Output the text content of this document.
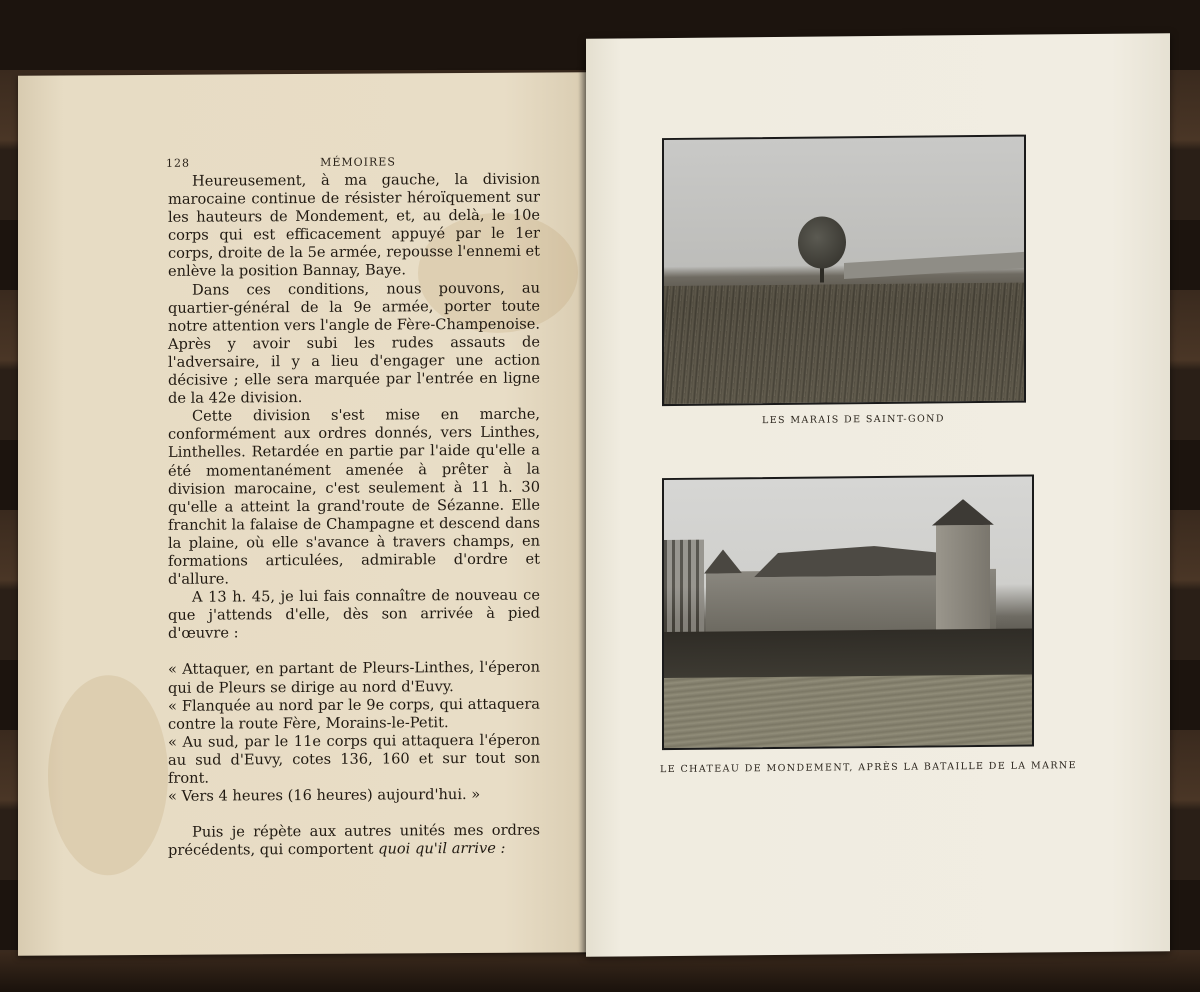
128	MÉMOIRES

Heureusement, à ma gauche, la division marocaine continue de résister héroïquement sur les hauteurs de Mondement, et, au delà, le 10e corps qui est efficacement appuyé par le 1er corps, droite de la 5e armée, repousse l'ennemi et enlève la position Bannay, Baye.

Dans ces conditions, nous pouvons, au quartier-général de la 9e armée, porter toute notre attention vers l'angle de Fère-Champenoise. Après y avoir subi les rudes assauts de l'adversaire, il y a lieu d'engager une action décisive ; elle sera marquée par l'entrée en ligne de la 42e division.

Cette division s'est mise en marche, conformément aux ordres donnés, vers Linthes, Linthelles. Retardée en partie par l'aide qu'elle a été momentanément amenée à prêter à la division marocaine, c'est seulement à 11 h. 30 qu'elle a atteint la grand'route de Sézanne. Elle franchit la falaise de Champagne et descend dans la plaine, où elle s'avance à travers champs, en formations articulées, admirable d'ordre et d'allure.

A 13 h. 45, je lui fais connaître de nouveau ce que j'attends d'elle, dès son arrivée à pied d'œuvre :

« Attaquer, en partant de Pleurs-Linthes, l'éperon qui de Pleurs se dirige au nord d'Euvy.

« Flanquée au nord par le 9e corps, qui attaquera contre la route Fère, Morains-le-Petit.

« Au sud, par le 11e corps qui attaquera l'éperon au sud d'Euvy, cotes 136, 160 et sur tout son front.

« Vers 4 heures (16 heures) aujourd'hui. »

Puis je répète aux autres unités mes ordres précédents, qui comportent quoi qu'il arrive :

LES MARAIS DE SAINT-GOND
LE CHATEAU DE MONDEMENT, APRÈS LA BATAILLE DE LA MARNE
